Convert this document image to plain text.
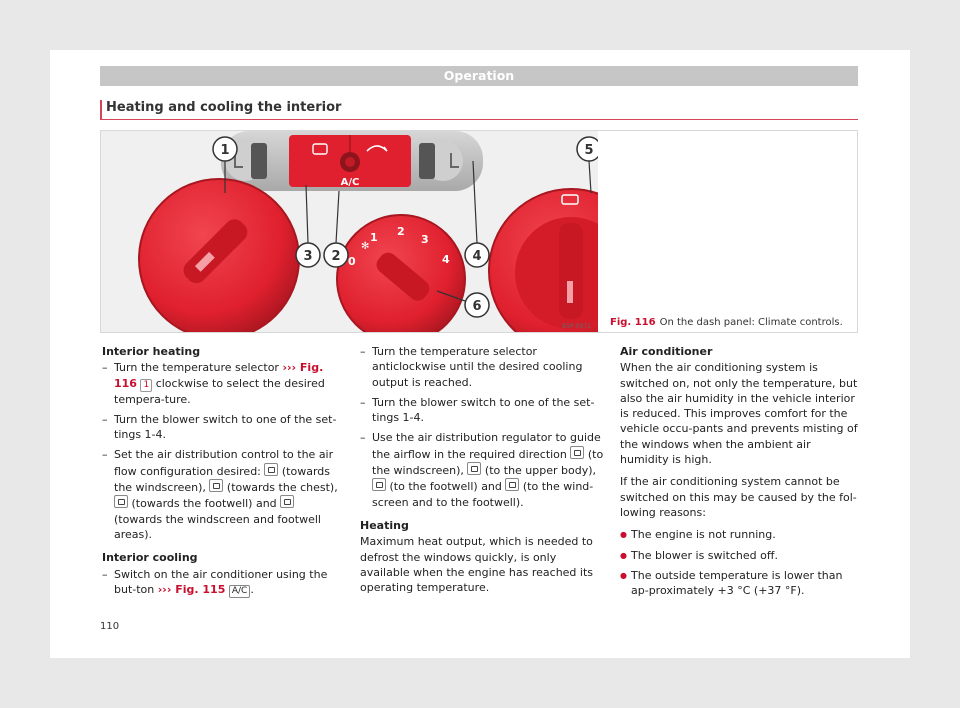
Operation
Heating and cooling the interior
A/C
✻
0
1 2
3
4
1
3 2	4
5
6
B5P-0971 Fig. 116 On the dash panel: Climate controls.
Interior heating
– Turn the temperature selector ››› Fig. 116 1 clockwise to select the desired tempera-ture.
– Turn the blower switch to one of the set-tings 1-4.
– Set the air distribution control to the air flow configuration desired: (towards the windscreen), (towards the chest),  (towards the footwell) and  (towards the windscreen and footwell areas).
Interior cooling
– Switch on the air conditioner using the but-ton ››› Fig. 115 A/C .
– Turn the temperature selector anticlockwise until the desired cooling output is reached.
– Turn the blower switch to one of the set-tings 1-4.
– Use the air distribution regulator to guide the airflow in the required direction (to the windscreen), (to the upper body),  (to the footwell) and (to the wind-screen and to the footwell).
Heating

Maximum heat output, which is needed to defrost the windows quickly, is only available when the engine has reached its operating temperature.

Air conditioner

When the air conditioning system is switched on, not only the temperature, but also the air humidity in the vehicle interior is reduced. This improves comfort for the vehicle occu-pants and prevents misting of the windows when the ambient air humidity is high.

If the air conditioning system cannot be switched on this may be caused by the fol-lowing reasons:

● The engine is not running.
● The blower is switched off.
● The outside temperature is lower than ap-proximately +3 °C (+37 °F).
110
